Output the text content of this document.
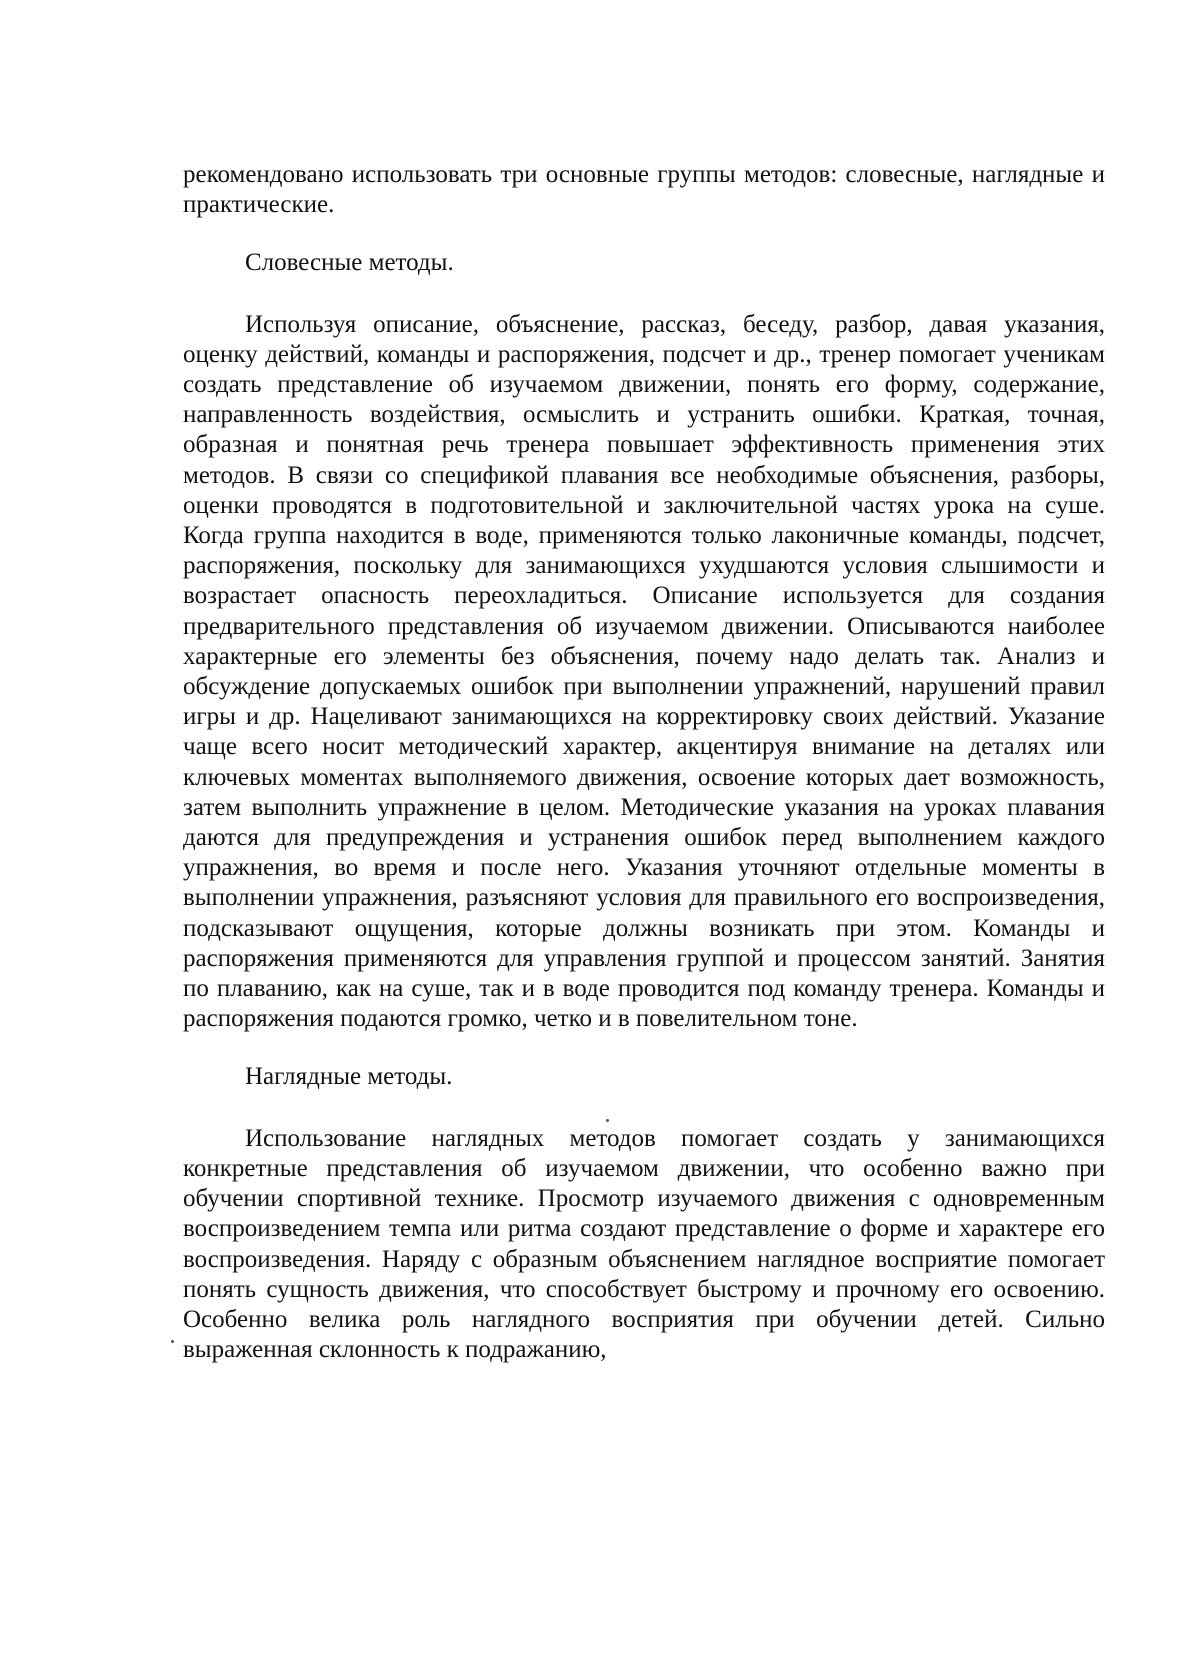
рекомендовано использовать три основные группы методов: словесные, наглядные и практические.

Словесные методы.

Используя описание, объяснение, рассказ, беседу, разбор, давая указания, оценку действий, команды и распоряжения, подсчет и др., тренер помогает ученикам создать представление об изучаемом движении, понять его форму, содержание, направленность воздействия, осмыслить и устранить ошибки. Краткая, точная, образная и понятная речь тренера повышает эффективность применения этих методов. В связи со спецификой плавания все необходимые объяснения, разборы, оценки проводятся в подготовительной и заключительной частях урока на суше. Когда группа находится в воде, применяются только лаконичные команды, подсчет, распоряжения, поскольку для занимающихся ухудшаются условия слышимости и возрастает опасность переохладиться. Описание используется для создания предварительного представления об изучаемом движении. Описываются наиболее характерные его элементы без объяснения, почему надо делать так. Анализ и обсуждение допускаемых ошибок при выполнении упражнений, нарушений правил игры и др. Нацеливают занимающихся на корректировку своих действий. Указание чаще всего носит методический характер, акцентируя внимание на деталях или ключевых моментах выполняемого движения, освоение которых дает возможность, затем выполнить упражнение в целом. Методические указания на уроках плавания даются для предупреждения и устранения ошибок перед выполнением каждого упражнения, во время и после него. Указания уточняют отдельные моменты в выполнении упражнения, разъясняют условия для правильного его воспроизведения, подсказывают ощущения, которые должны возникать при этом. Команды и распоряжения применяются для управления группой и процессом занятий. Занятия по плаванию, как на суше, так и в воде проводится под команду тренера. Команды и распоряжения подаются громко, четко и в повелительном тоне.

Наглядные методы.

Использование наглядных методов помогает создать у занимающихся конкретные представления об изучаемом движении, что особенно важно при обучении спортивной технике. Просмотр изучаемого движения с одновременным воспроизведением темпа или ритма создают представление о форме и характере его воспроизведения. Наряду с образным объяснением наглядное восприятие помогает понять сущность движения, что способствует быстрому и прочному его освоению. Особенно велика роль наглядного восприятия при обучении детей. Сильно выраженная склонность к подражанию,
